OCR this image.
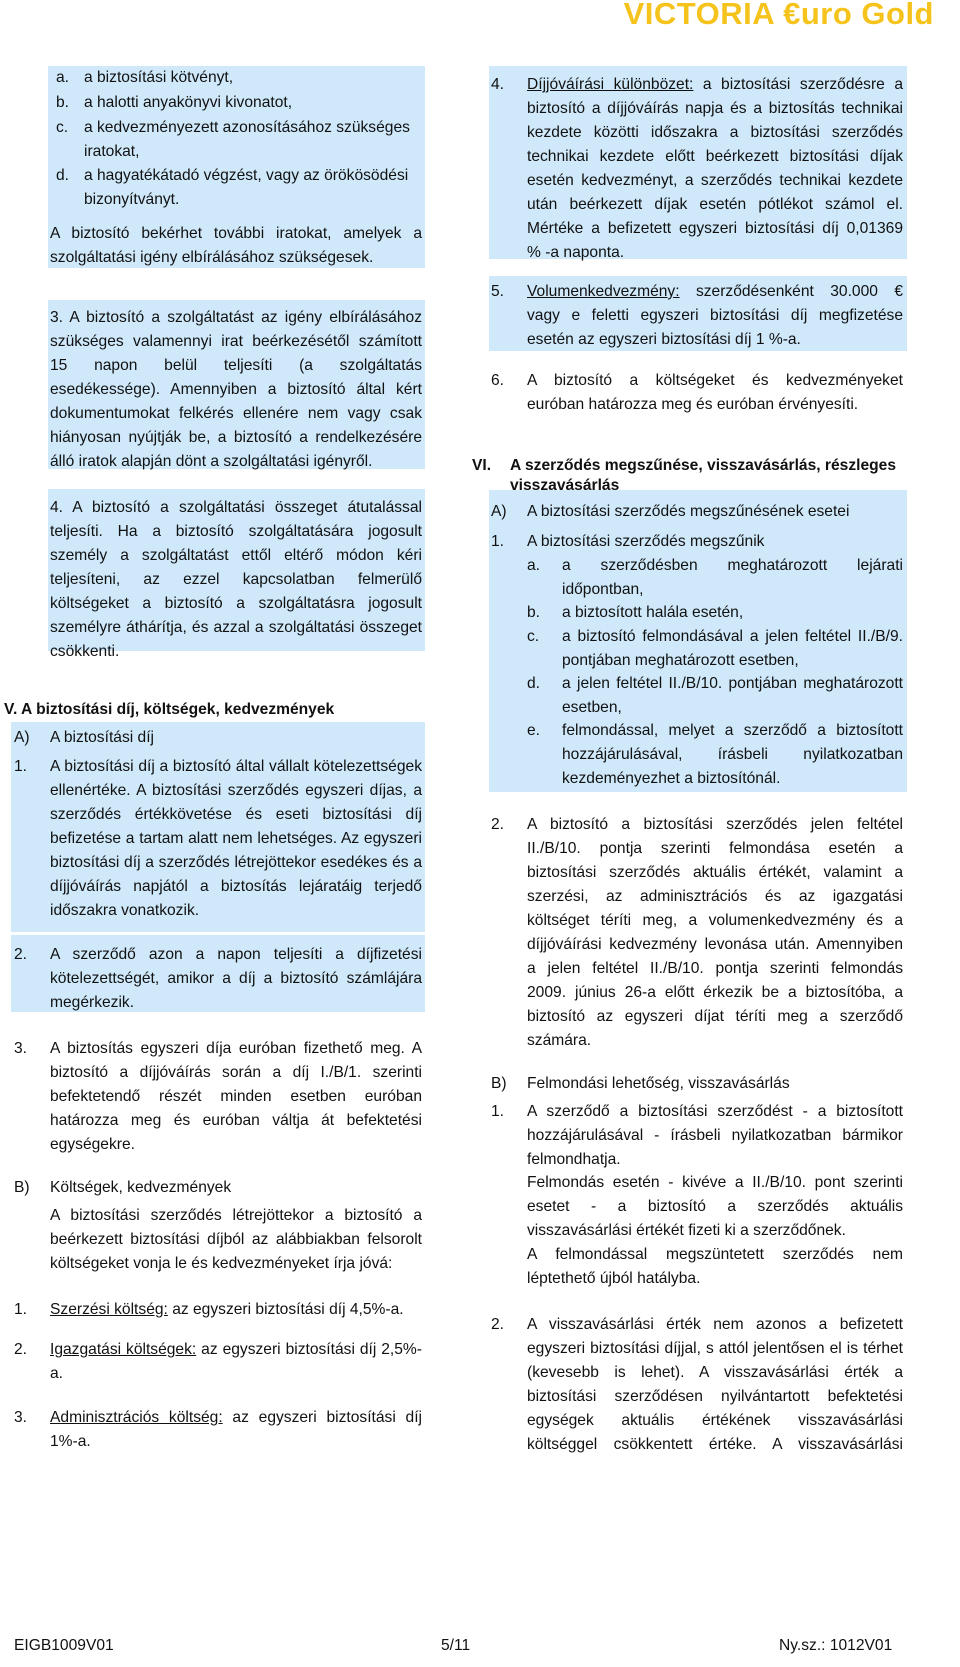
VICTORIA €uro Gold
a. a biztosítási kötvényt,
b. a halotti anyakönyvi kivonatot,
c. a kedvezményezett azonosításához szükséges
iratokat,
d. a hagyatékátadó végzést, vagy az örökösödési
bizonyítványt.
A biztosító bekérhet további iratokat, amelyek a
szolgáltatási igény elbírálásához szükségesek.
3. A biztosító a szolgáltatást az igény elbírálásához
szükséges valamennyi irat beérkezésétől számított
15 napon belül teljesíti (a szolgáltatás
esedékessége). Amennyiben a biztosító által kért
dokumentumokat felkérés ellenére nem vagy csak
hiányosan nyújtják be, a biztosító a rendelkezésére
álló iratok alapján dönt a szolgáltatási igényről.
4. A biztosító a szolgáltatási összeget átutalással
teljesíti. Ha a biztosító szolgáltatására jogosult
személy a szolgáltatást ettől eltérő módon kéri
teljesíteni, az ezzel kapcsolatban felmerülő
költségeket a biztosító a szolgáltatásra jogosult
személyre áthárítja, és azzal a szolgáltatási összeget
csökkenti.
V. A biztosítási díj, költségek, kedvezmények
A) A biztosítási díj
1. A biztosítási díj a biztosító által vállalt kötelezettségek
ellenértéke. A biztosítási szerződés egyszeri díjas, a
szerződés értékkövetése és eseti biztosítási díj
befizetése a tartam alatt nem lehetséges. Az egyszeri
biztosítási díj a szerződés létrejöttekor esedékes és a
díjjóváírás napjától a biztosítás lejáratáig terjedő
időszakra vonatkozik.
2. A szerződő azon a napon teljesíti a díjfizetési
kötelezettségét, amikor a díj a biztosító számlájára
megérkezik.
3. A biztosítás egyszeri díja euróban fizethető meg. A
biztosító a díjjóváírás során a díj I./B/1. szerinti
befektetendő részét minden esetben euróban
határozza meg és euróban váltja át befektetési
egységekre.
B) Költségek, kedvezmények
A biztosítási szerződés létrejöttekor a biztosító a
beérkezett biztosítási díjból az alábbiakban felsorolt
költségeket vonja le és kedvezményeket írja jóvá:
1. Szerzési költség: az egyszeri biztosítási díj 4,5%-a.
2. Igazgatási költségek: az egyszeri biztosítási díj 2,5%-
a.
3. Adminisztrációs költség: az egyszeri biztosítási díj
1%-a.
4. Díjjóváírási különbözet: a biztosítási szerződésre a
biztosító a díjjóváírás napja és a biztosítás technikai
kezdete közötti időszakra a biztosítási szerződés
technikai kezdete előtt beérkezett biztosítási díjak
esetén kedvezményt, a szerződés technikai kezdete
után beérkezett díjak esetén pótlékot számol el.
Mértéke a befizetett egyszeri biztosítási díj 0,01369
% -a naponta.
5. Volumenkedvezmény: szerződésenként 30.000 €
vagy e feletti egyszeri biztosítási díj megfizetése
esetén az egyszeri biztosítási díj 1 %-a.
6. A biztosító a költségeket és kedvezményeket
euróban határozza meg és euróban érvényesíti.
VI. A szerződés megszűnése, visszavásárlás, részleges
visszavásárlás
A) A biztosítási szerződés megszűnésének esetei
1. A biztosítási szerződés megszűnik
a. a szerződésben meghatározott lejárati
időpontban,
b. a biztosított halála esetén,
c. a biztosító felmondásával a jelen feltétel II./B/9.
pontjában meghatározott esetben,
d. a jelen feltétel II./B/10. pontjában meghatározott
esetben,
e. felmondással, melyet a szerződő a biztosított
hozzájárulásával, írásbeli nyilatkozatban
kezdeményezhet a biztosítónál.
2. A biztosító a biztosítási szerződés jelen feltétel
II./B/10. pontja szerinti felmondása esetén a
biztosítási szerződés aktuális értékét, valamint a
szerzési, az adminisztrációs és az igazgatási
költséget téríti meg, a volumenkedvezmény és a
díjjóváírási kedvezmény levonása után. Amennyiben
a jelen feltétel II./B/10. pontja szerinti felmondás
2009. június 26-a előtt érkezik be a biztosítóba, a
biztosító az egyszeri díjat téríti meg a szerződő
számára.
B) Felmondási lehetőség, visszavásárlás
1. A szerződő a biztosítási szerződést - a biztosított
hozzájárulásával - írásbeli nyilatkozatban bármikor
felmondhatja.
Felmondás esetén - kivéve a II./B/10. pont szerinti
esetet - a biztosító a szerződés aktuális
visszavásárlási értékét fizeti ki a szerződőnek.
A felmondással megszüntetett szerződés nem
léptethető újból hatályba.
2. A visszavásárlási érték nem azonos a befizetett
egyszeri biztosítási díjjal, s attól jelentősen el is térhet
(kevesebb is lehet). A visszavásárlási érték a
biztosítási szerződésen nyilvántartott befektetési
egységek aktuális értékének visszavásárlási
költséggel csökkentett értéke. A visszavásárlási
EIGB1009V01	5/11	Ny.sz.: 1012V01
